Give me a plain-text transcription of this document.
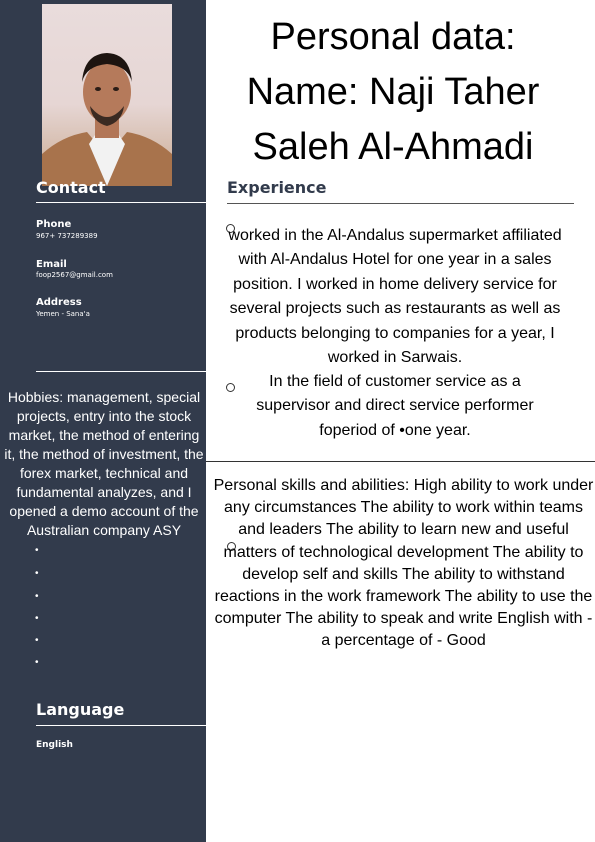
Contact
Phone
967+ 737289389
Email
foop2567@gmail.com
Address
Yemen - Sana'a
Hobbies: management, special projects, entry into the stock market, the method of entering it, the method of investment, the forex market, technical and fundamental analyzes, and I opened a demo account of the Australian company ASY
•
•
•
•
•
•
Language
English
Personal data:
Name: Naji Taher
Saleh Al-Ahmadi
Experience
worked in the Al-Andalus supermarket affiliated with Al-Andalus Hotel for one year in a sales position. I worked in home delivery service for several projects such as restaurants as well as products belonging to companies for a year, I worked in Sarwais.
In the field of customer service as a supervisor and direct service performer foperiod of •one year.
Personal skills and abilities: High ability to work under any circumstances The ability to work within teams and leaders The ability to learn new and useful matters of technological development The ability to develop self and skills The ability to withstand reactions in the work framework The ability to use the computer The ability to speak and write English with - a percentage of - Good
